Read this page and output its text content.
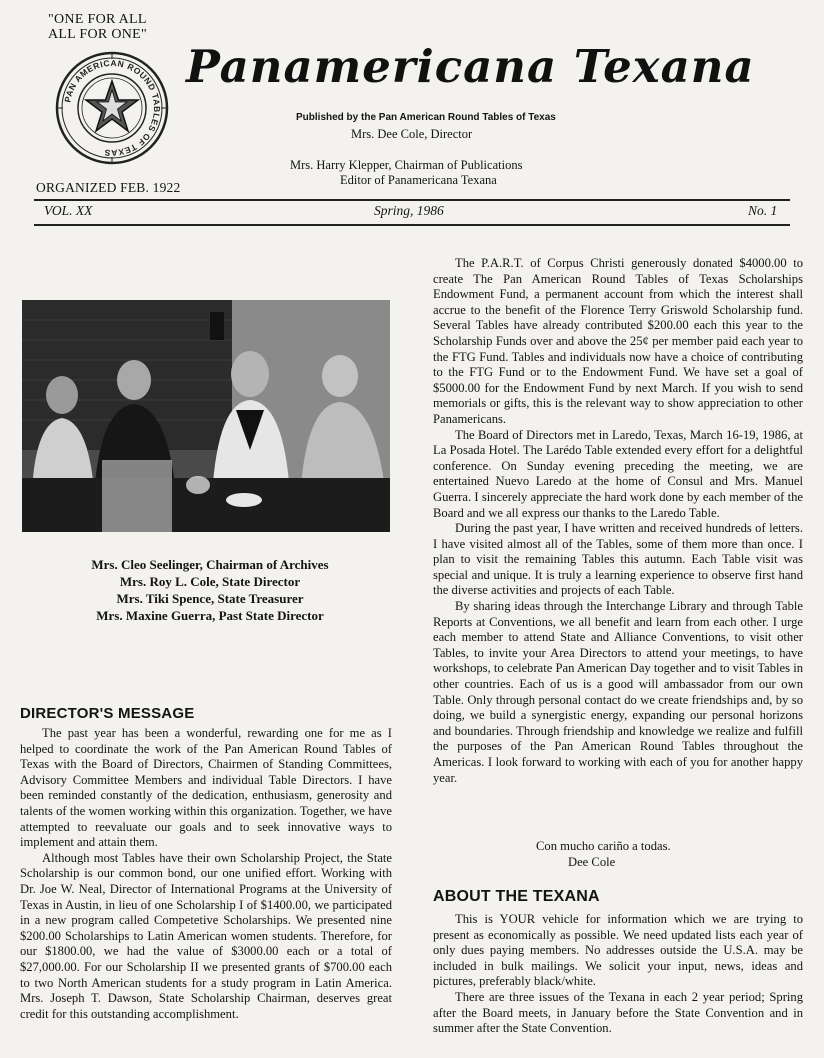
"ONE FOR ALL
ALL FOR ONE"
PAN AMERICAN ROUND TABLES OF TEXAS
Panamericana Texana
Published by the Pan American Round Tables of Texas
Mrs. Dee Cole, Director
Mrs. Harry Klepper, Chairman of Publications
Editor of Panamericana Texana
ORGANIZED FEB. 1922
VOL. XX	Spring, 1986	No. 1
Mrs. Cleo Seelinger, Chairman of Archives
Mrs. Roy L. Cole, State Director
Mrs. Tiki Spence, State Treasurer
Mrs. Maxine Guerra, Past State Director
DIRECTOR'S MESSAGE

The past year has been a wonderful, rewarding one for me as I helped to coordinate the work of the Pan American Round Tables of Texas with the Board of Directors, Chairmen of Standing Committees, Advisory Committee Members and individual Table Directors. I have been reminded constantly of the dedication, enthusiasm, generosity and talents of the women working within this organization. Together, we have attempted to reevaluate our goals and to seek innovative ways to implement and attain them.

Although most Tables have their own Scholarship Project, the State Scholarship is our common bond, our one unified effort. Working with Dr. Joe W. Neal, Director of International Programs at the University of Texas in Austin, in lieu of one Scholarship I of $1400.00, we participated in a new program called Competetive Scholarships. We presented nine $200.00 Scholarships to Latin American women students. Therefore, for our $1800.00, we had the value of $3000.00 each or a total of $27,000.00. For our Scholarship II we presented grants of $700.00 each to two North American students for a study program in Latin America. Mrs. Joseph T. Dawson, State Scholarship Chairman, deserves great credit for this outstanding accomplishment.

The P.A.R.T. of Corpus Christi generously donated $4000.00 to create The Pan American Round Tables of Texas Scholarships Endowment Fund, a permanent account from which the interest shall accrue to the benefit of the Florence Terry Griswold Scholarship fund. Several Tables have already contributed $200.00 each this year to the Scholarship Funds over and above the 25¢ per member paid each year to the FTG Fund. Tables and individuals now have a choice of contributing to the FTG Fund or to the Endowment Fund. We have set a goal of $5000.00 for the Endowment Fund by next March. If you wish to send memorials or gifts, this is the relevant way to show appreciation to other Panamericans.

The Board of Directors met in Laredo, Texas, March 16-19, 1986, at La Posada Hotel. The Larédo Table extended every effort for a delightful conference. On Sunday evening preceding the meeting, we are entertained Nuevo Laredo at the home of Consul and Mrs. Manuel Guerra. I sincerely appreciate the hard work done by each member of the Board and we all express our thanks to the Laredo Table.

During the past year, I have written and received hundreds of letters. I have visited almost all of the Tables, some of them more than once. I plan to visit the remaining Tables this autumn. Each Table visit was special and unique. It is truly a learning experience to observe first hand the diverse activities and projects of each Table.

By sharing ideas through the Interchange Library and through Table Reports at Conventions, we all benefit and learn from each other. I urge each member to attend State and Alliance Conventions, to visit other Tables, to invite your Area Directors to attend your meetings, to have workshops, to celebrate Pan American Day together and to visit Tables in other countries. Each of us is a good will ambassador from our own Table. Only through personal contact do we create friendships and, by so doing, we build a synergistic energy, expanding our personal horizons and boundaries. Through friendship and knowledge we realize and fulfill the purposes of the Pan American Round Tables throughout the Americas. I look forward to working with each of you for another happy year.

Con mucho cariño a todas.
Dee Cole
ABOUT THE TEXANA

This is YOUR vehicle for information which we are trying to present as economically as possible. We need updated lists each year of only dues paying members. No addresses outside the U.S.A. may be included in bulk mailings. We solicit your input, news, ideas and pictures, preferably black/white.

There are three issues of the Texana in each 2 year period; Spring after the Board meets, in January before the State Convention and in summer after the State Convention.
